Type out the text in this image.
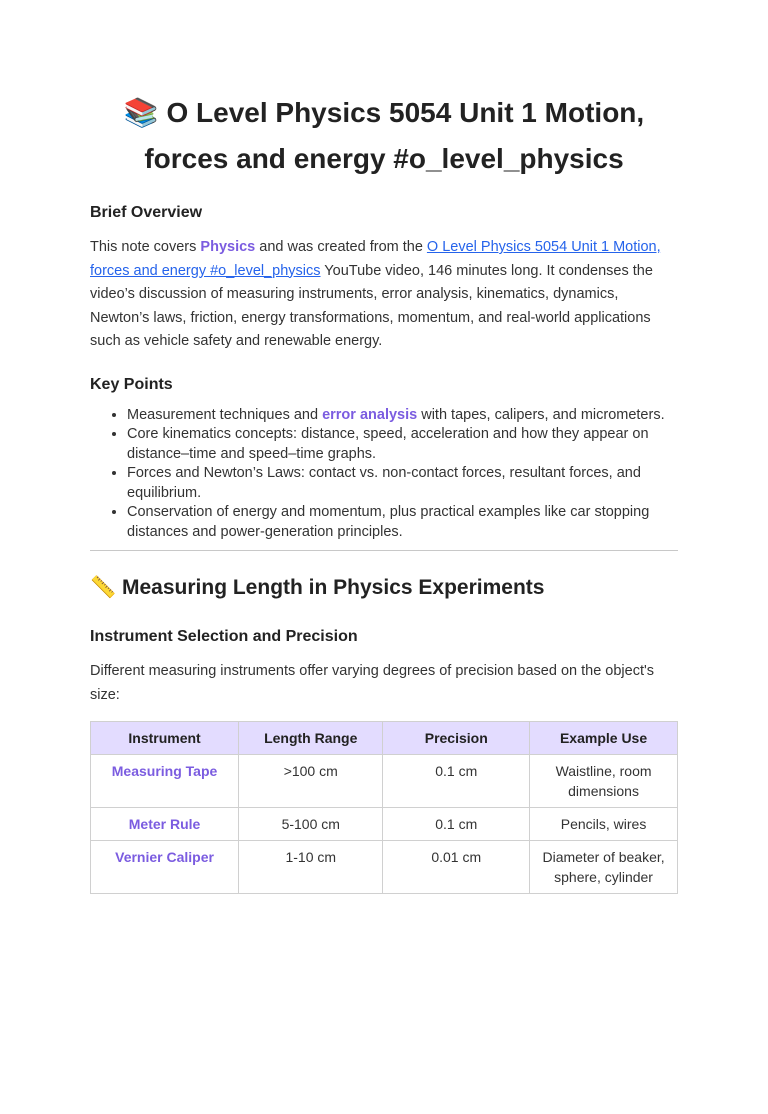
📚 O Level Physics 5054 Unit 1 Motion, forces and energy #o_level_physics
Brief Overview

This note covers Physics and was created from the O Level Physics 5054 Unit 1 Motion, forces and energy #o_level_physics YouTube video, 146 minutes long. It condenses the video’s discussion of measuring instruments, error analysis, kinematics, dynamics, Newton’s laws, friction, energy transformations, momentum, and real-world applications such as vehicle safety and renewable energy.

Key Points
• Measurement techniques and error analysis with tapes, calipers, and micrometers.
• Core kinematics concepts: distance, speed, acceleration and how they appear on distance–time and speed–time graphs.
• Forces and Newton’s Laws: contact vs. non-contact forces, resultant forces, and equilibrium.
• Conservation of energy and momentum, plus practical examples like car stopping distances and power-generation principles.
📏 Measuring Length in Physics Experiments
Instrument Selection and Precision

Different measuring instruments offer varying degrees of precision based on the object's size:

Instrument	Length Range	Precision	Example Use
Measuring Tape	>100 cm	0.1 cm	Waistline, room dimensions
Meter Rule	5-100 cm	0.1 cm	Pencils, wires
Vernier Caliper	1-10 cm	0.01 cm	Diameter of beaker, sphere, cylinder
